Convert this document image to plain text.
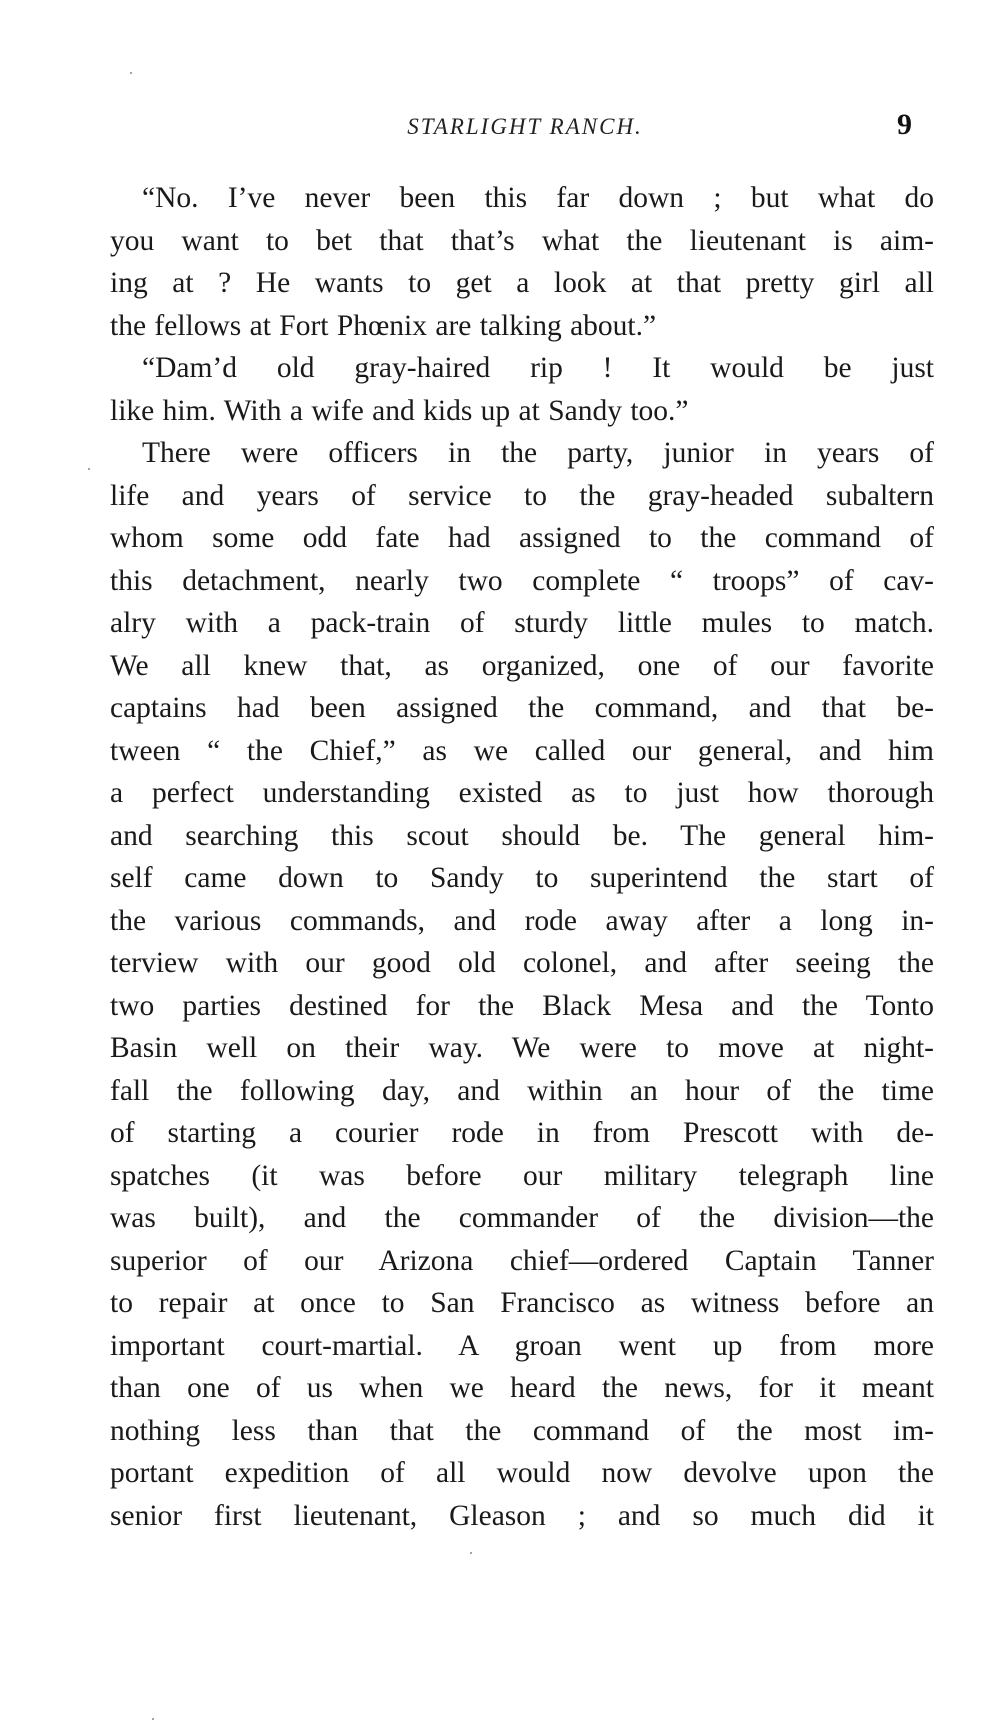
STARLIGHT RANCH.	9
“No. I’ve never been this far down ; but what do
you want to bet that that’s what the lieutenant is aim-
ing at ? He wants to get a look at that pretty girl all
the fellows at Fort Phœnix are talking about.”
“Dam’d old gray-haired rip ! It would be just
like him. With a wife and kids up at Sandy too.”
There were officers in the party, junior in years of
life and years of service to the gray-headed subaltern
whom some odd fate had assigned to the command of
this detachment, nearly two complete “ troops” of cav-
alry with a pack-train of sturdy little mules to match.
We all knew that, as organized, one of our favorite
captains had been assigned the command, and that be-
tween “ the Chief,” as we called our general, and him
a perfect understanding existed as to just how thorough
and searching this scout should be. The general him-
self came down to Sandy to superintend the start of
the various commands, and rode away after a long in-
terview with our good old colonel, and after seeing the
two parties destined for the Black Mesa and the Tonto
Basin well on their way. We were to move at night-
fall the following day, and within an hour of the time
of starting a courier rode in from Prescott with de-
spatches (it was before our military telegraph line
was built), and the commander of the division—the
superior of our Arizona chief—ordered Captain Tanner
to repair at once to San Francisco as witness before an
important court-martial. A groan went up from more
than one of us when we heard the news, for it meant
nothing less than that the command of the most im-
portant expedition of all would now devolve upon the
senior first lieutenant, Gleason ; and so much did it
